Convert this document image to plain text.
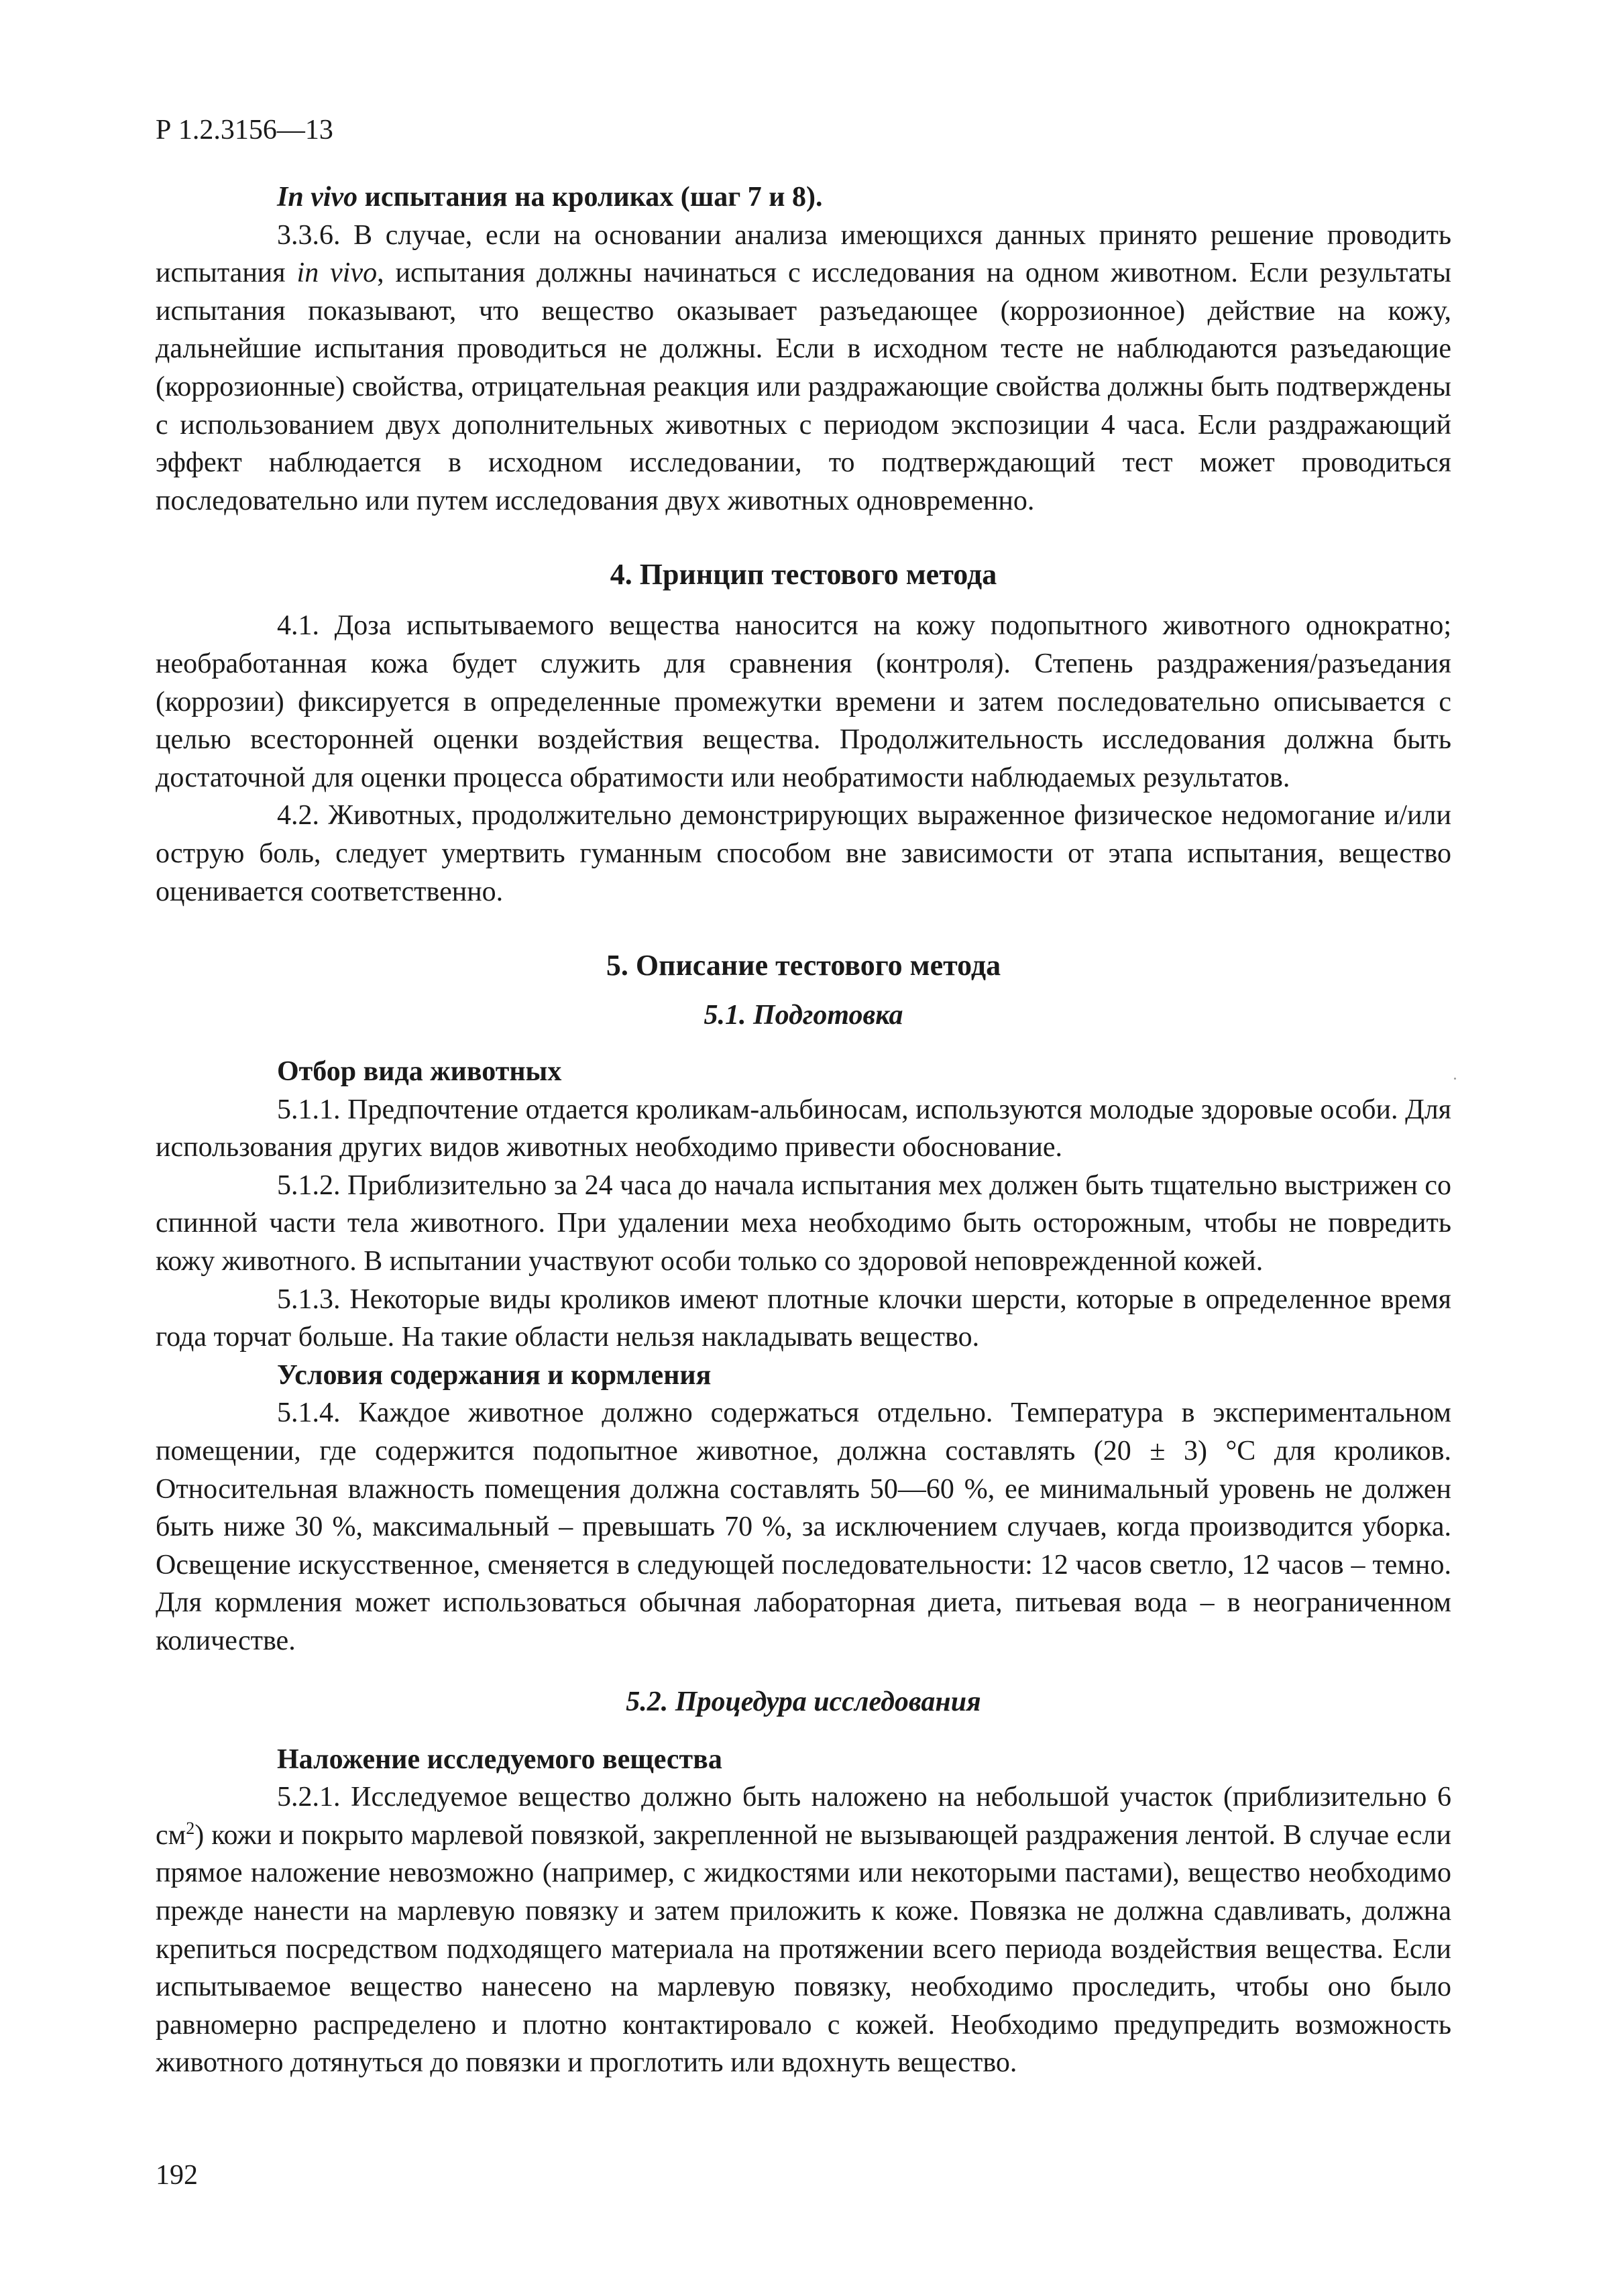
Р 1.2.3156—13
In vivo испытания на кроликах (шаг 7 и 8).

3.3.6. В случае, если на основании анализа имеющихся данных принято решение проводить испытания in vivo, испытания должны начинаться с исследования на одном животном. Если результаты испытания показывают, что вещество оказывает разъедающее (коррозионное) действие на кожу, дальнейшие испытания проводиться не должны. Если в исходном тесте не наблюдаются разъедающие (коррозионные) свойства, отрицательная реакция или раздражающие свойства должны быть подтверждены с использованием двух дополнительных животных с периодом экспозиции 4 часа. Если раздражающий эффект наблюдается в исходном исследовании, то подтверждающий тест может проводиться последовательно или путем исследования двух животных одновременно.

4. Принцип тестового метода

4.1. Доза испытываемого вещества наносится на кожу подопытного животного однократно; необработанная кожа будет служить для сравнения (контроля). Степень раздражения/разъедания (коррозии) фиксируется в определенные промежутки времени и затем последовательно описывается с целью всесторонней оценки воздействия вещества. Продолжительность исследования должна быть достаточной для оценки процесса обратимости или необратимости наблюдаемых результатов.

4.2. Животных, продолжительно демонстрирующих выраженное физическое недомогание и/или острую боль, следует умертвить гуманным способом вне зависимости от этапа испытания, вещество оценивается соответственно.

5. Описание тестового метода
5.1. Подготовка
Отбор вида животных

5.1.1. Предпочтение отдается кроликам-альбиносам, используются молодые здоровые особи. Для использования других видов животных необходимо привести обоснование.

5.1.2. Приблизительно за 24 часа до начала испытания мех должен быть тщательно выстрижен со спинной части тела животного. При удалении меха необходимо быть осторожным, чтобы не повредить кожу животного. В испытании участвуют особи только со здоровой неповрежденной кожей.

5.1.3. Некоторые виды кроликов имеют плотные клочки шерсти, которые в определенное время года торчат больше. На такие области нельзя накладывать вещество.

Условия содержания и кормления

5.1.4. Каждое животное должно содержаться отдельно. Температура в экспериментальном помещении, где содержится подопытное животное, должна составлять (20 ± 3) °С для кроликов. Относительная влажность помещения должна составлять 50—60 %, ее минимальный уровень не должен быть ниже 30 %, максимальный – превышать 70 %, за исключением случаев, когда производится уборка. Освещение искусственное, сменяется в следующей последовательности: 12 часов светло, 12 часов – темно. Для кормления может использоваться обычная лабораторная диета, питьевая вода – в неограниченном количестве.

5.2. Процедура исследования
Наложение исследуемого вещества

5.2.1. Исследуемое вещество должно быть наложено на небольшой участок (приблизительно 6 $см^2$) кожи и покрыто марлевой повязкой, закрепленной не вызывающей раздражения лентой. В случае если прямое наложение невозможно (например, с жидкостями или некоторыми пастами), вещество необходимо прежде нанести на марлевую повязку и затем приложить к коже. Повязка не должна сдавливать, должна крепиться посредством подходящего материала на протяжении всего периода воздействия вещества. Если испытываемое вещество нанесено на марлевую повязку, необходимо проследить, чтобы оно было равномерно распределено и плотно контактировало с кожей. Необходимо предупредить возможность животного дотянуться до повязки и проглотить или вдохнуть вещество.

192
